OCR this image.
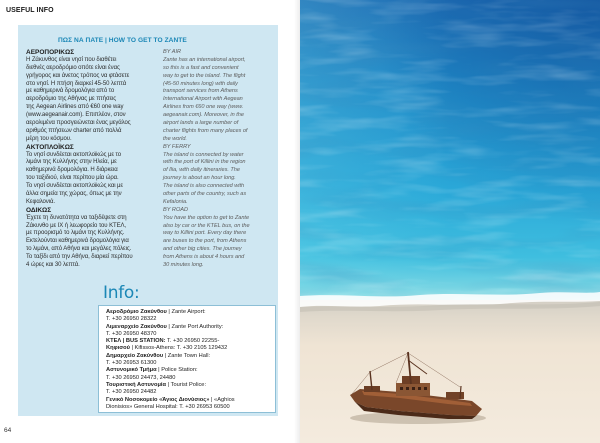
USEFUL INFO
ΠΩΣ ΝΑ ΠΑΤΕ | HOW TO GET TO ZANTE
ΑΕΡΟΠΟΡΙΚΩΣ
Η Ζάκυνθος είναι νησί που διαθέτει
διεθνές αεροδρόμιο οπότε είναι ένας
γρήγορος και άνετος τρόπος να φτάσετε
στο νησί. Η πτήση διαρκεί 45-50 λεπτά
με καθημερινά δρομολόγια από το
αεροδρόμιο της Αθήνας με πτήσεις
της Aegean Airlines από €60 one way
(www.aegeanair.com). Επιπλέον, στον
αερολιμένα προσγειώνεται ένας μεγάλος
αριθμός πτήσεων charter από πολλά
μέρη του κόσμου.
ΑΚΤΟΠΛΟΪΚΩΣ
Το νησί συνδέεται ακτοπλοϊκώς με το
λιμάνι της Κυλλήνης στην Ηλεία, με
καθημερινά δρομολόγια. Η διάρκεια
του ταξιδιού, είναι περίπου μία ώρα.
Το νησί συνδέεται ακτοπλοϊκώς και με
άλλα σημεία της χώρας, όπως με την
Κεφαλονιά.
ΟΔΙΚΩΣ
Έχετε τη δυνατότητα να ταξιδέψετε στη
Ζάκυνθο με ΙΧ ή λεωφορείο του ΚΤΕΛ,
με προορισμό το λιμάνι της Κυλλήνης.
Εκτελούνται καθημερινά δρομολόγια για
το λιμάνι, από Αθήνα και μεγάλες πόλεις.
Το ταξίδι από την Αθήνα, διαρκεί περίπου
4 ώρες και 30 λεπτά.
BY AIR
Zante has an international airport,
so this is a fast and convenient
way to get to the island. The flight
(45-50 minutes long) with daily
transport services from Athens
International Airport with Aegean
Airlines from €60 one way (www.
aegeanair.com). Moreover, in the
airport lands a large number of
charter flights from many places of
the world.
BY FERRY
The island is connected by water
with the port of Killini in the region
of Ilia, with daily itineraries. The
journey is about an hour long.
The island is also connected with
other parts of the country, such as
Kefalonia.
BY ROAD
You have the option to get to Zante
also by car or the KTEL bus, on the
way to Killini port. Every day there
are buses to the port, from Athens
and other big cities. The journey
from Athens is about 4 hours and
30 minutes long.
Info:
Αεροδρόμιο Ζακύνθου | Zante Airport:
T. +30 26950 28322
Λιμεναρχείο Ζακύνθου | Zante Port Authority:
T. +30 26950 48370
ΚΤΕΛ | BUS STATION: T. +30 26950 22255-
Κηφισού | Kifissos-Athens: T. +30 2105 129432
Δημαρχείο Ζακύνθου | Zante Town Hall:
T. +30 26953 61300
Αστυνομικό Τμήμα | Police Station:
T. +30 26950 24473, 24480
Τουριστική Αστυνομία | Tourist Police:
T. +30 26950 24482
Γενικό Νοσοκομείο «Άγιος Διονύσιος» | «Aghios
Dionisios» General Hospital: T. +30 26953 60500
64
